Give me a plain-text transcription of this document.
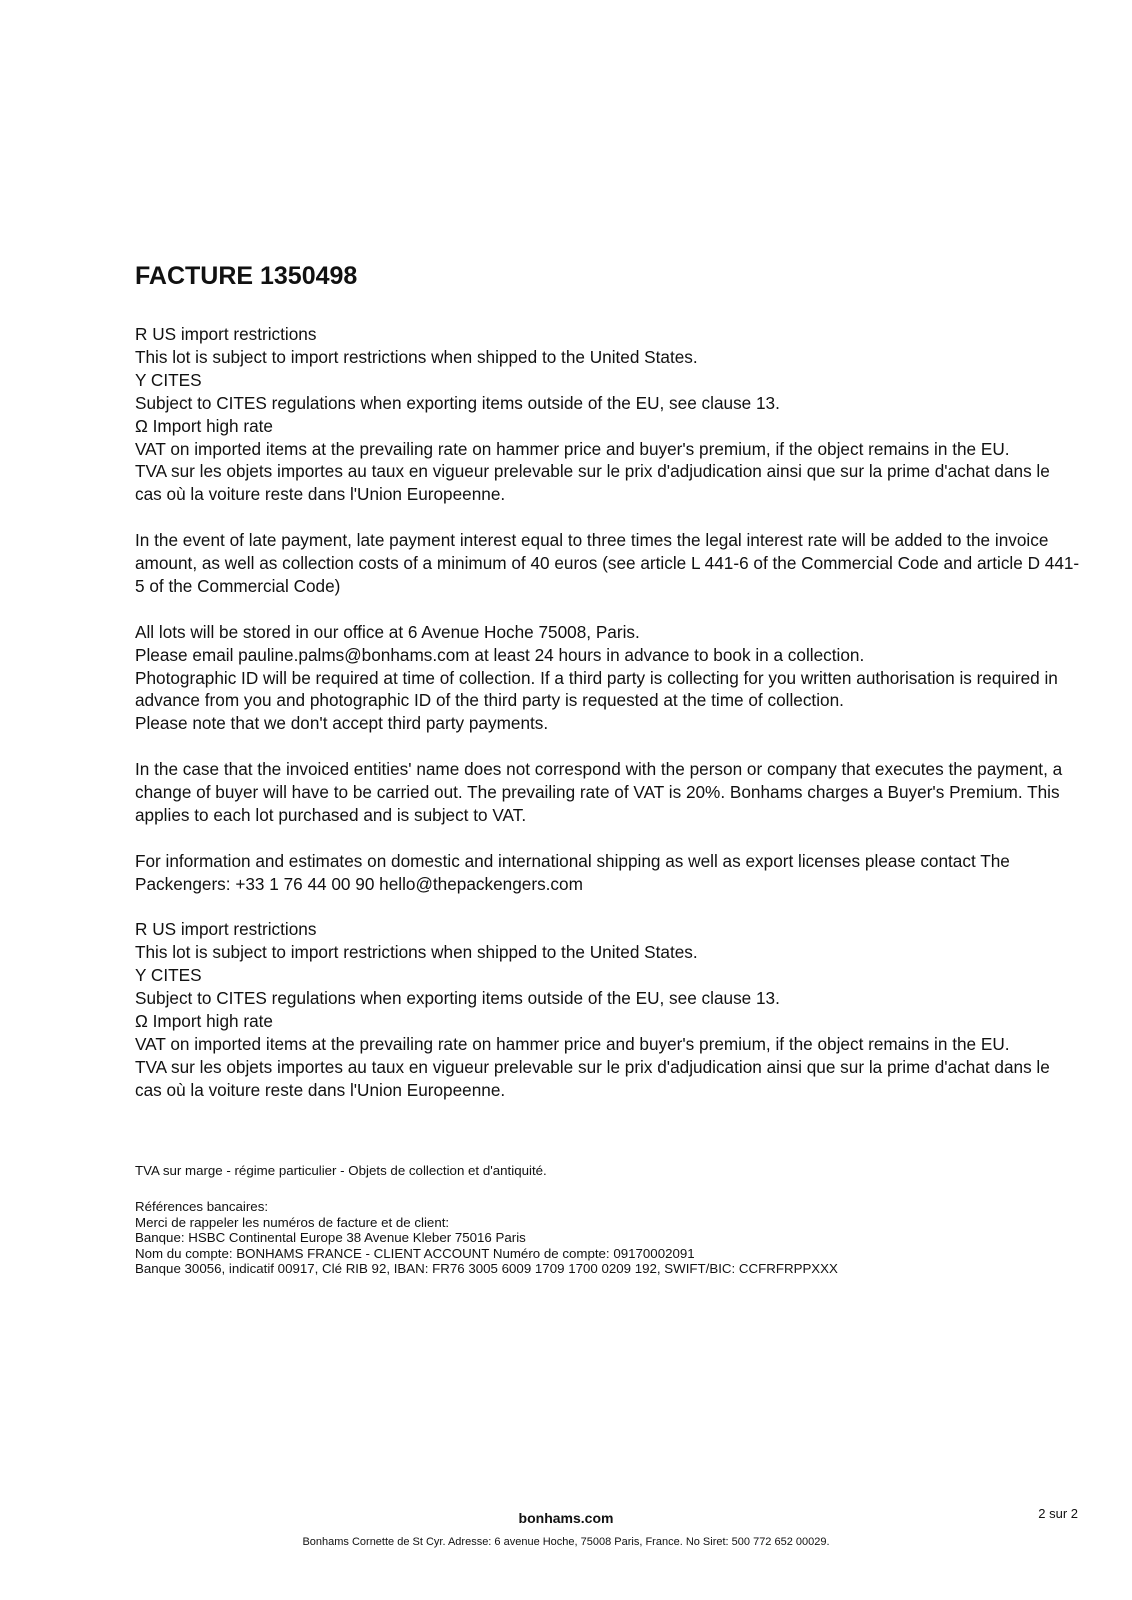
FACTURE 1350498

R US import restrictions

This lot is subject to import restrictions when shipped to the United States.

Y CITES

Subject to CITES regulations when exporting items outside of the EU, see clause 13.

Ω Import high rate

VAT on imported items at the prevailing rate on hammer price and buyer's premium, if the object remains in the EU.

TVA sur les objets importes au taux en vigueur prelevable sur le prix d'adjudication ainsi que sur la prime d'achat dans le cas où la voiture reste dans l'Union Europeenne.

In the event of late payment, late payment interest equal to three times the legal interest rate will be added to the invoice amount, as well as collection costs of a minimum of 40 euros (see article L 441-6 of the Commercial Code and article D 441-5 of the Commercial Code)

All lots will be stored in our office at 6 Avenue Hoche 75008, Paris.

Please email pauline.palms@bonhams.com at least 24 hours in advance to book in a collection.

Photographic ID will be required at time of collection. If a third party is collecting for you written authorisation is required in advance from you and photographic ID of the third party is requested at the time of collection.

Please note that we don't accept third party payments.

In the case that the invoiced entities' name does not correspond with the person or company that executes the payment, a change of buyer will have to be carried out. The prevailing rate of VAT is 20%. Bonhams charges a Buyer's Premium. This applies to each lot purchased and is subject to VAT.

For information and estimates on domestic and international shipping as well as export licenses please contact The Packengers: +33 1 76 44 00 90 hello@thepackengers.com

R US import restrictions

This lot is subject to import restrictions when shipped to the United States.

Y CITES

Subject to CITES regulations when exporting items outside of the EU, see clause 13.

Ω Import high rate

VAT on imported items at the prevailing rate on hammer price and buyer's premium, if the object remains in the EU.

TVA sur les objets importes au taux en vigueur prelevable sur le prix d'adjudication ainsi que sur la prime d'achat dans le cas où la voiture reste dans l'Union Europeenne.

TVA sur marge - régime particulier - Objets de collection et d'antiquité.

Références bancaires:

Merci de rappeler les numéros de facture et de client:

Banque: HSBC Continental Europe 38 Avenue Kleber 75016 Paris

Nom du compte: BONHAMS FRANCE - CLIENT ACCOUNT Numéro de compte: 09170002091

Banque 30056, indicatif 00917, Clé RIB 92, IBAN: FR76 3005 6009 1709 1700 0209 192, SWIFT/BIC: CCFRFRPPXXX

bonhams.com
Bonhams Cornette de St Cyr. Adresse: 6 avenue Hoche, 75008 Paris, France. No Siret: 500 772 652 00029.
2 sur 2
